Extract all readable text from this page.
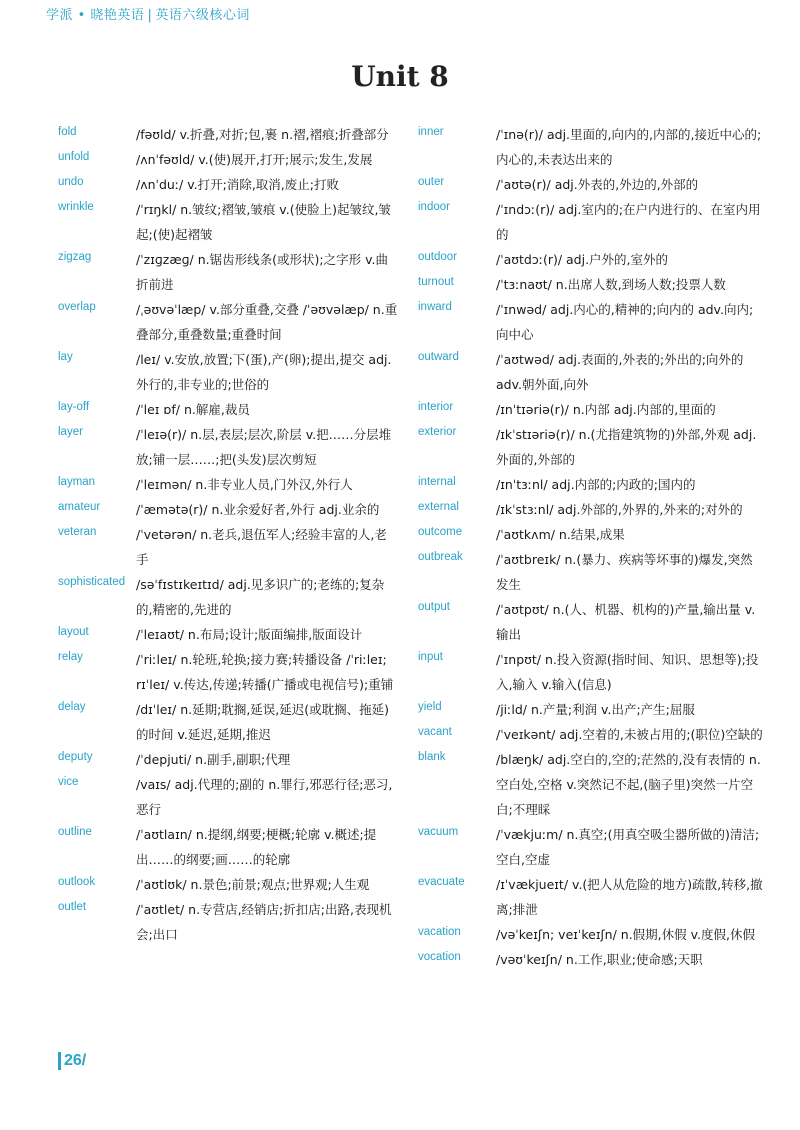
学派 • 晓艳英语 | 英语六级核心词
Unit 8
fold	/fəʊld/ v.折叠,对折;包,裹 n.褶,褶痕;折叠部分
unfold	/ʌnˈfəʊld/ v.(使)展开,打开;展示;发生,发展
undo	/ʌnˈduː/ v.打开;消除,取消,废止;打败
wrinkle	/ˈrɪŋkl/ n.皱纹;褶皱,皱痕 v.(使脸上)起皱纹,皱起;(使)起褶皱
zigzag	/ˈzɪɡzæɡ/ n.锯齿形线条(或形状);之字形 v.曲折前进
overlap	/ˌəʊvəˈlæp/ v.部分重叠,交叠 /ˈəʊvəlæp/ n.重叠部分,重叠数量;重叠时间
lay	/leɪ/ v.安放,放置;下(蛋),产(卵);提出,提交 adj.外行的,非专业的;世俗的
lay-off	/ˈleɪ ɒf/ n.解雇,裁员
layer	/ˈleɪə(r)/ n.层,表层;层次,阶层 v.把……分层堆放;铺一层……;把(头发)层次剪短
layman	/ˈleɪmən/ n.非专业人员,门外汉,外行人
amateur	/ˈæmətə(r)/ n.业余爱好者,外行 adj.业余的
veteran	/ˈvetərən/ n.老兵,退伍军人;经验丰富的人,老手
sophisticated /səˈfɪstɪkeɪtɪd/ adj.见多识广的;老练的;复杂的,精密的,先进的
layout	/ˈleɪaʊt/ n.布局;设计;版面编排,版面设计
relay	/ˈriːleɪ/ n.轮班,轮换;接力赛;转播设备 /ˈriːleɪ; rɪˈleɪ/ v.传达,传递;转播(广播或电视信号);重铺
delay	/dɪˈleɪ/ n.延期;耽搁,延误,延迟(或耽搁、拖延)的时间 v.延迟,延期,推迟
deputy	/ˈdepjuti/ n.副手,副职;代理
vice	/vaɪs/ adj.代理的;副的 n.罪行,邪恶行径;恶习,恶行
outline	/ˈaʊtlaɪn/ n.提纲,纲要;梗概;轮廓 v.概述;提出……的纲要;画……的轮廓
outlook	/ˈaʊtlʊk/ n.景色;前景;观点;世界观;人生观
outlet	/ˈaʊtlet/ n.专营店,经销店;折扣店;出路,表现机会;出口
inner	/ˈɪnə(r)/ adj.里面的,向内的,内部的,接近中心的;内心的,未表达出来的
outer	/ˈaʊtə(r)/ adj.外表的,外边的,外部的
indoor	/ˈɪndɔː(r)/ adj.室内的;在户内进行的、在室内用的
outdoor	/ˈaʊtdɔː(r)/ adj.户外的,室外的
turnout	/ˈtɜːnaʊt/ n.出席人数,到场人数;投票人数
inward	/ˈɪnwəd/ adj.内心的,精神的;向内的 adv.向内;向中心
outward	/ˈaʊtwəd/ adj.表面的,外表的;外出的;向外的 adv.朝外面,向外
interior	/ɪnˈtɪəriə(r)/ n.内部 adj.内部的,里面的
exterior	/ɪkˈstɪəriə(r)/ n.(尤指建筑物的)外部,外观 adj.外面的,外部的
internal	/ɪnˈtɜːnl/ adj.内部的;内政的;国内的
external	/ɪkˈstɜːnl/ adj.外部的,外界的,外来的;对外的
outcome	/ˈaʊtkʌm/ n.结果,成果
outbreak	/ˈaʊtbreɪk/ n.(暴力、疾病等坏事的)爆发,突然发生
output	/ˈaʊtpʊt/ n.(人、机器、机构的)产量,输出量 v.输出
input	/ˈɪnpʊt/ n.投入资源(指时间、知识、思想等);投入,输入 v.输入(信息)
yield	/jiːld/ n.产量;利润 v.出产;产生;屈服
vacant	/ˈveɪkənt/ adj.空着的,未被占用的;(职位)空缺的
blank	/blæŋk/ adj.空白的,空的;茫然的,没有表情的 n.空白处,空格 v.突然记不起,(脑子里)突然一片空白;不理睬
vacuum	/ˈvækjuːm/ n.真空;(用真空吸尘器所做的)清洁;空白,空虚
evacuate	/ɪˈvækjueɪt/ v.(把人从危险的地方)疏散,转移,撤离;排泄
vacation	/vəˈkeɪʃn; veɪˈkeɪʃn/ n.假期,休假 v.度假,休假
vocation	/vəʊˈkeɪʃn/ n.工作,职业;使命感;天职
26/
